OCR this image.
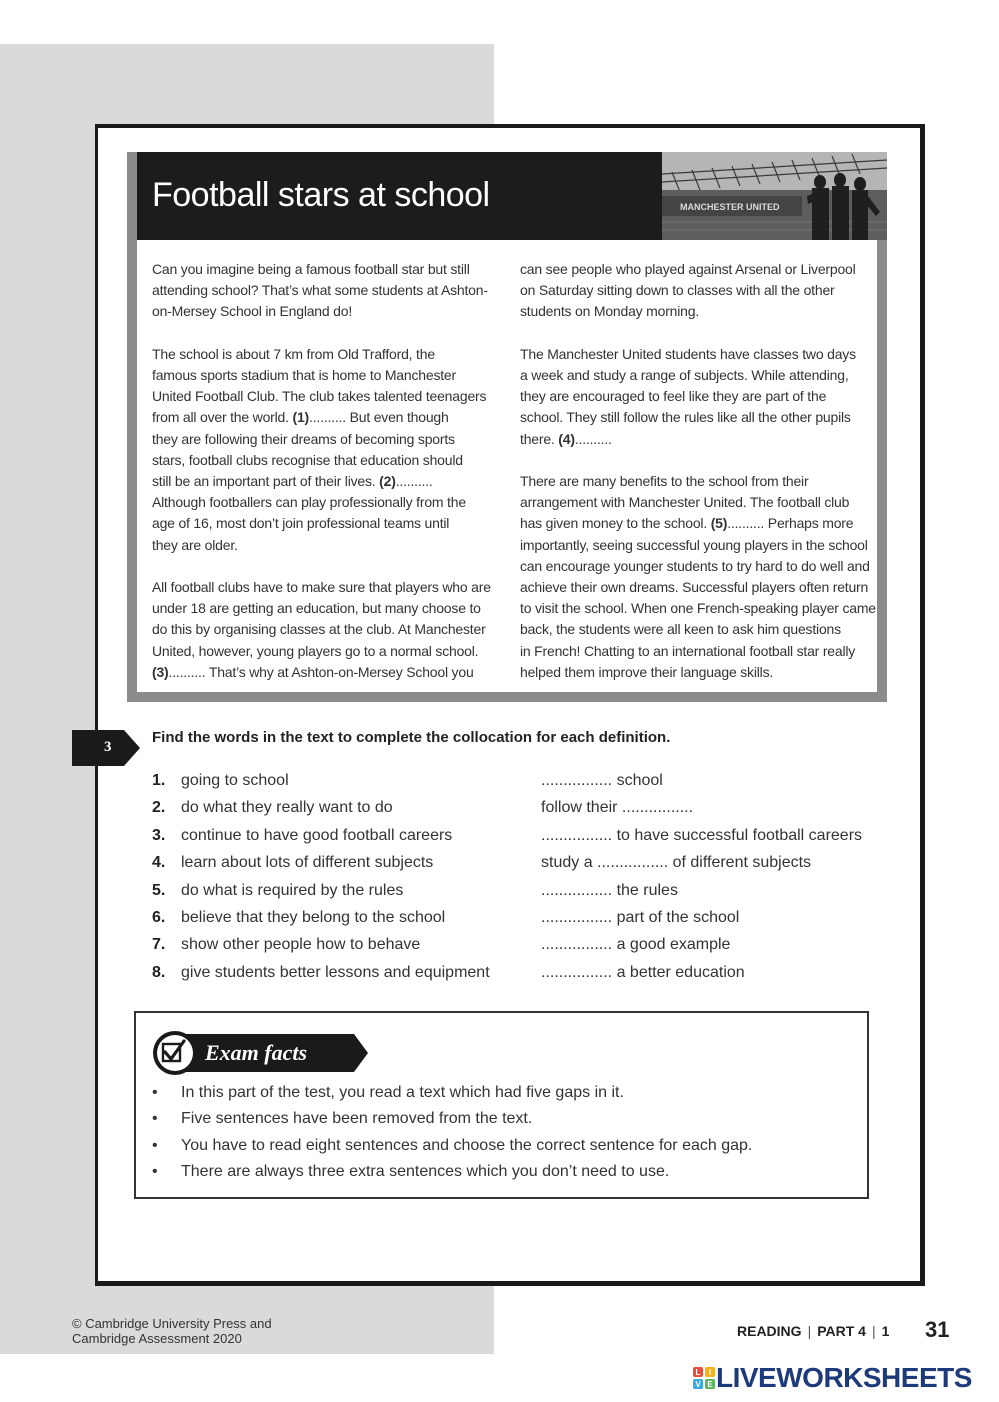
Football stars at school	MANCHESTER UNITED

Can you imagine being a famous football star but still
attending school? That’s what some students at Ashton-
on-Mersey School in England do!

The school is about 7 km from Old Trafford, the
famous sports stadium that is home to Manchester
United Football Club. The club takes talented teenagers
from all over the world. (1).......... But even though
they are following their dreams of becoming sports
stars, football clubs recognise that education should
still be an important part of their lives. (2)..........
Although footballers can play professionally from the
age of 16, most don’t join professional teams until
they are older.

All football clubs have to make sure that players who are
under 18 are getting an education, but many choose to
do this by organising classes at the club. At Manchester
United, however, young players go to a normal school.
(3).......... That’s why at Ashton-on-Mersey School you

can see people who played against Arsenal or Liverpool
on Saturday sitting down to classes with all the other
students on Monday morning.

The Manchester United students have classes two days
a week and study a range of subjects. While attending,
they are encouraged to feel like they are part of the
school. They still follow the rules like all the other pupils
there. (4)..........

There are many benefits to the school from their
arrangement with Manchester United. The football club
has given money to the school. (5).......... Perhaps more
importantly, seeing successful young players in the school
can encourage younger students to try hard to do well and
achieve their own dreams. Successful players often return
to visit the school. When one French-speaking player came
back, the students were all keen to ask him questions
in French! Chatting to an international football star really
helped them improve their language skills.

3
Find the words in the text to complete the collocation for each definition.
1. going to school	................ school
2. do what they really want to do	follow their ................
3. continue to have good football careers	................ to have successful football careers
4. learn about lots of different subjects	study a ................ of different subjects
5. do what is required by the rules	................ the rules
6. believe that they belong to the school	................ part of the school
7. show other people how to behave	................ a good example
8. give students better lessons and equipment	................ a better education
Exam facts
• In this part of the test, you read a text which had five gaps in it.
• Five sentences have been removed from the text.
• You have to read eight sentences and choose the correct sentence for each gap.
• There are always three extra sentences which you don’t need to use.
© Cambridge University Press and
Cambridge Assessment 2020	READING | PART 4 | 1 31
L I
V E LIVEWORKSHEETS
